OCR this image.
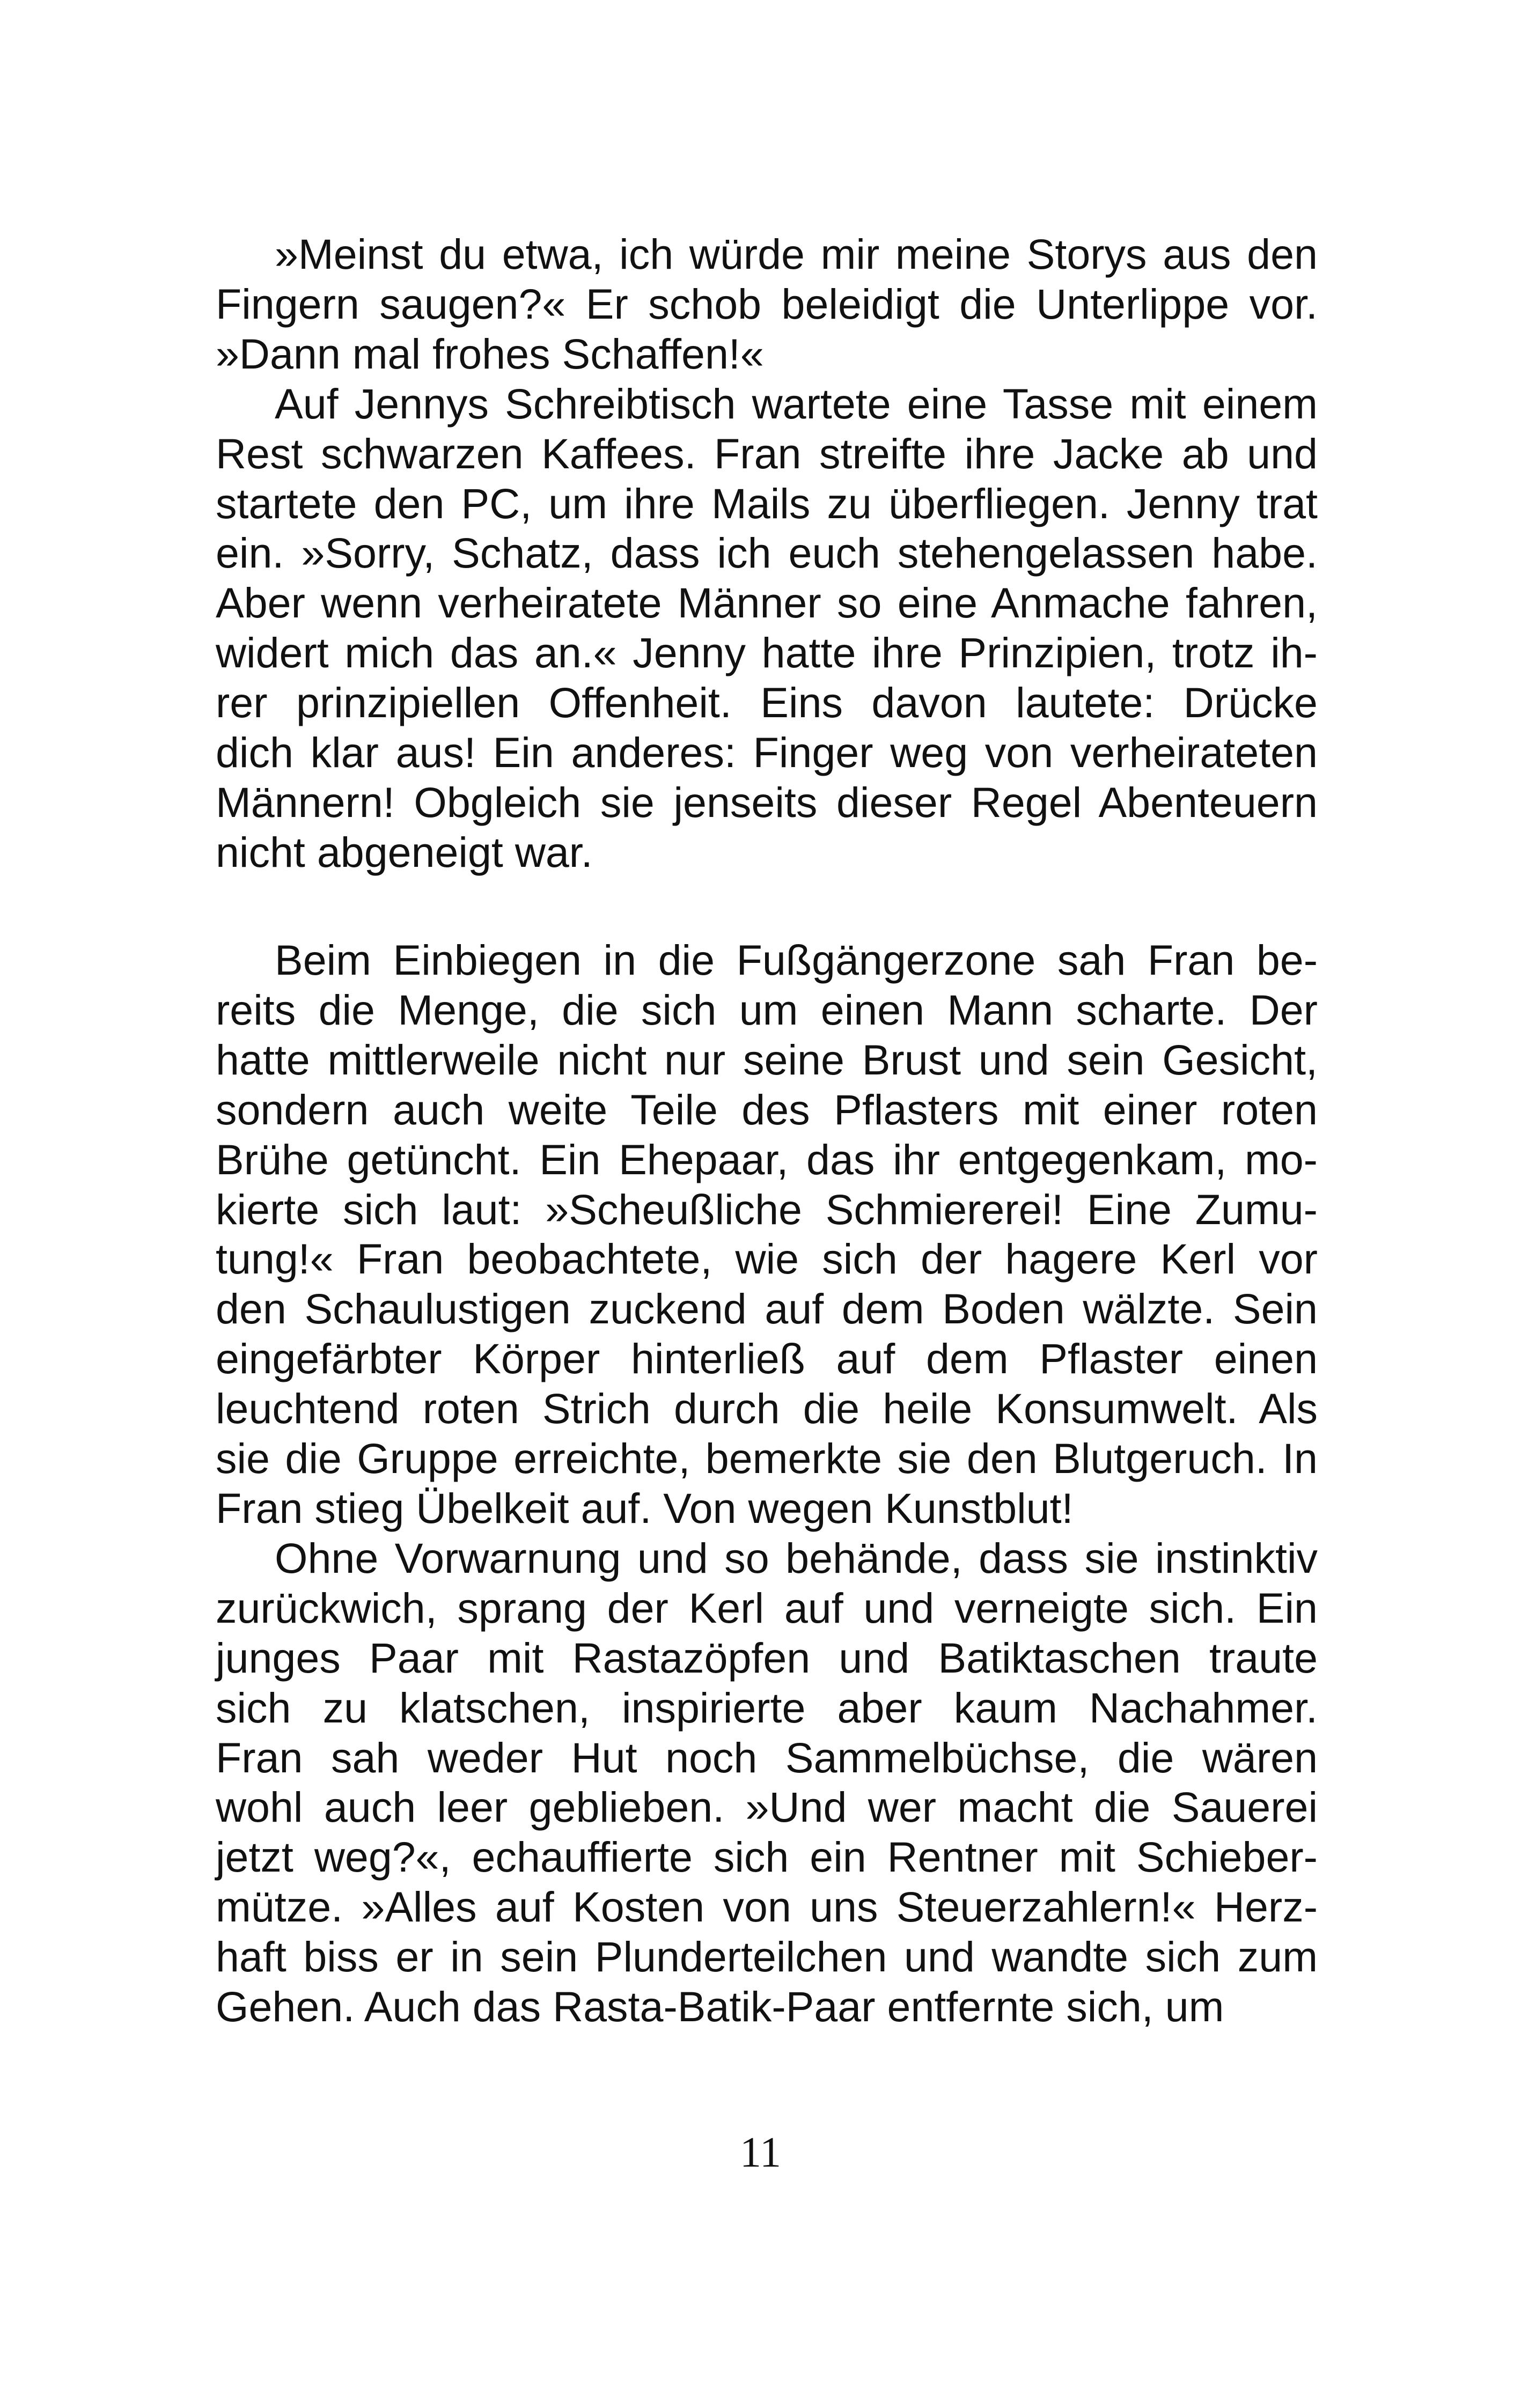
»Meinst du etwa, ich würde mir meine Storys aus den
Fingern saugen?« Er schob beleidigt die Unterlippe vor.
»Dann mal frohes Schaffen!«

Auf Jennys Schreibtisch wartete eine Tasse mit einem
Rest schwarzen Kaffees. Fran streifte ihre Jacke ab und
startete den PC, um ihre Mails zu überfliegen. Jenny trat
ein. »Sorry, Schatz, dass ich euch stehengelassen habe.
Aber wenn verheiratete Männer so eine Anmache fahren,
widert mich das an.« Jenny hatte ihre Prinzipien, trotz ih-
rer prinzipiellen Offenheit. Eins davon lautete: Drücke
dich klar aus! Ein anderes: Finger weg von verheirateten
Männern! Obgleich sie jenseits dieser Regel Abenteuern
nicht abgeneigt war.

Beim Einbiegen in die Fußgängerzone sah Fran be-
reits die Menge, die sich um einen Mann scharte. Der
hatte mittlerweile nicht nur seine Brust und sein Gesicht,
sondern auch weite Teile des Pflasters mit einer roten
Brühe getüncht. Ein Ehepaar, das ihr entgegenkam, mo-
kierte sich laut: »Scheußliche Schmiererei! Eine Zumu-
tung!« Fran beobachtete, wie sich der hagere Kerl vor
den Schaulustigen zuckend auf dem Boden wälzte. Sein
eingefärbter Körper hinterließ auf dem Pflaster einen
leuchtend roten Strich durch die heile Konsumwelt. Als
sie die Gruppe erreichte, bemerkte sie den Blutgeruch. In
Fran stieg Übelkeit auf. Von wegen Kunstblut!

Ohne Vorwarnung und so behände, dass sie instinktiv
zurückwich, sprang der Kerl auf und verneigte sich. Ein
junges Paar mit Rastazöpfen und Batiktaschen traute
sich zu klatschen, inspirierte aber kaum Nachahmer.
Fran sah weder Hut noch Sammelbüchse, die wären
wohl auch leer geblieben. »Und wer macht die Sauerei
jetzt weg?«, echauffierte sich ein Rentner mit Schieber-
mütze. »Alles auf Kosten von uns Steuerzahlern!« Herz-
haft biss er in sein Plunderteilchen und wandte sich zum
Gehen. Auch das Rasta-Batik-Paar entfernte sich, um

11
